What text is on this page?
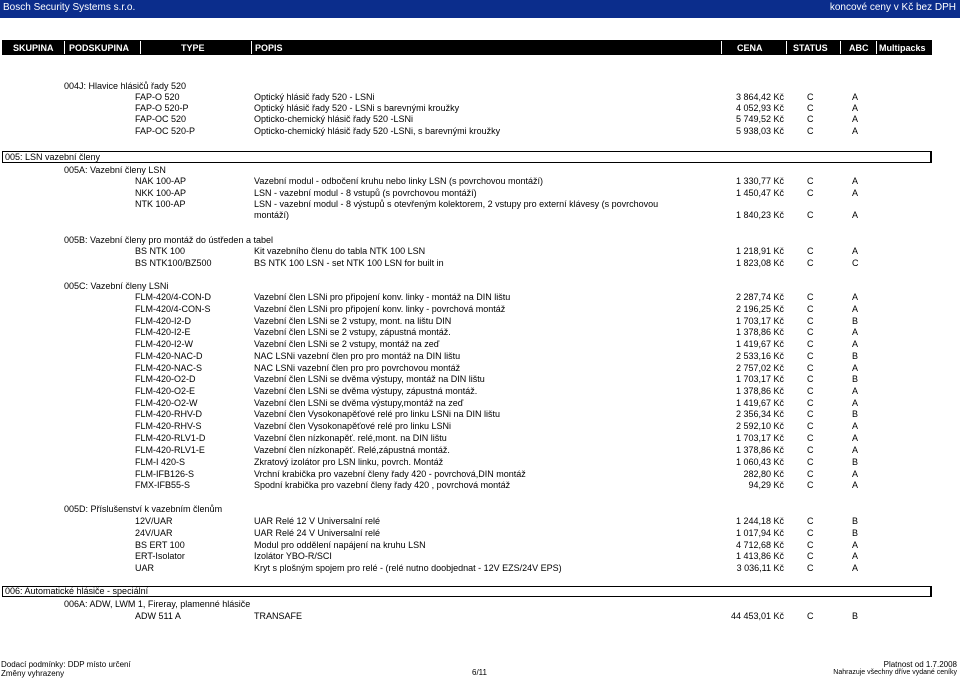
Bosch Security Systems s.r.o.	koncové ceny v Kč bez DPH
SKUPINA PODSKUPINA	TYPE	POPIS	CENA	STATUS ABC Multipacks
004J: Hlavice hlásičů řady 520
FAP-O 520	Optický hlásič řady 520 - LSNi	3 864,42 Kč	C	A
FAP-O 520-P	Optický hlásič řady 520 - LSNi s barevnými kroužky	4 052,93 Kč	C	A
FAP-OC 520	Opticko-chemický hlásič řady 520 -LSNi	5 749,52 Kč	C	A
FAP-OC 520-P	Opticko-chemický hlásič řady 520 -LSNi, s barevnými kroužky	5 938,03 Kč	C	A
005: LSN vazební členy
005A: Vazební členy LSN
NAK 100-AP	Vazební modul - odbočení kruhu nebo linky LSN (s povrchovou montáží)	1 330,77 Kč	C	A
NKK 100-AP	LSN - vazební modul - 8 vstupů (s povrchovou montáží)	1 450,47 Kč	C	A
NTK 100-AP	LSN - vazební modul - 8 výstupů s otevřeným kolektorem, 2 vstupy pro externí klávesy (s povrchovou
montáží)	1 840,23 Kč	C	A
005B: Vazební členy pro montáž do ústředen a tabel
BS NTK 100	Kit vazebního členu do tabla NTK 100 LSN	1 218,91 Kč	C	A
BS NTK100/BZ500	BS NTK 100 LSN - set NTK 100 LSN for built in	1 823,08 Kč	C	C
005C: Vazební členy LSNi
FLM-420/4-CON-D	Vazební člen LSNi pro připojení konv. linky - montáž na DIN lištu	2 287,74 Kč	C	A
FLM-420/4-CON-S	Vazební člen LSNi pro připojení konv. linky - povrchová montáž	2 196,25 Kč	C	A
FLM-420-I2-D	Vazební člen LSNi se 2 vstupy, mont. na lištu DIN	1 703,17 Kč	C	B
FLM-420-I2-E	Vazební člen LSNi se 2 vstupy, zápustná montáž.	1 378,86 Kč	C	A
FLM-420-I2-W	Vazební člen LSNi se 2 vstupy, montáž na zeď	1 419,67 Kč	C	A
FLM-420-NAC-D	NAC LSNi vazební člen pro pro montáž na DIN lištu	2 533,16 Kč	C	B
FLM-420-NAC-S	NAC LSNi vazební člen pro pro povrchovou montáž	2 757,02 Kč	C	A
FLM-420-O2-D	Vazební člen LSNi se dvěma výstupy, montáž na DIN lištu	1 703,17 Kč	C	B
FLM-420-O2-E	Vazební člen LSNi se dvěma výstupy, zápustná montáž.	1 378,86 Kč	C	A
FLM-420-O2-W	Vazební člen LSNi se dvěma výstupy,montáž na zeď	1 419,67 Kč	C	A
FLM-420-RHV-D	Vazební člen Vysokonapěťové relé pro linku LSNi na DIN lištu	2 356,34 Kč	C	B
FLM-420-RHV-S	Vazební člen Vysokonapěťové relé pro linku LSNi	2 592,10 Kč	C	A
FLM-420-RLV1-D	Vazební člen nízkonapěť. relé,mont. na DIN lištu	1 703,17 Kč	C	A
FLM-420-RLV1-E	Vazební člen nízkonapěť. Relé,zápustná montáž.	1 378,86 Kč	C	A
FLM-I 420-S	Zkratový izolátor pro LSN linku, povrch. Montáž	1 060,43 Kč	C	B
FLM-IFB126-S	Vrchní krabička pro vazební členy řady 420 - povrchová,DIN montáž	282,80 Kč	C	A
FMX-IFB55-S	Spodní krabička pro vazební členy řady 420 , povrchová montáž	94,29 Kč	C	A
005D: Příslušenství k vazebním členům
12V/UAR	UAR Relé 12 V Universalní relé	1 244,18 Kč	C	B
24V/UAR	UAR Relé 24 V Universalní relé	1 017,94 Kč	C	B
BS ERT 100	Modul pro oddělení napájení na kruhu LSN	4 712,68 Kč	C	A
ERT-Isolator	Izolátor YBO-R/SCI	1 413,86 Kč	C	A
UAR	Kryt s plošným spojem pro relé - (relé nutno doobjednat - 12V EZS/24V EPS)	3 036,11 Kč	C	A
006: Automatické hlásiče - speciální
006A: ADW, LWM 1, Fireray, plamenné hlásiče
ADW 511 A	TRANSAFE	44 453,01 Kč	C	B
Dodací podmínky: DDP místo určení
Změny vyhrazeny	6/11
Platnost od 1.7.2008
Nahrazuje všechny dříve vydané ceníky
